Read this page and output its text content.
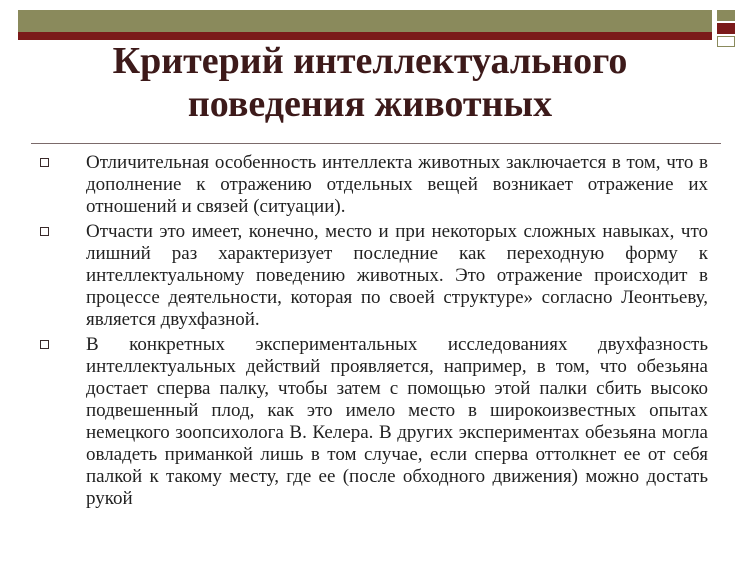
Критерий интеллектуального
поведения животных
Отличительная особенность интеллекта животных заключается в том, что в дополнение к отражению отдельных вещей возникает отражение их отношений и связей (ситуации).
Отчасти это имеет, конечно, место и при некоторых сложных навыках, что лишний раз характеризует последние как переходную форму к интеллектуальному поведению животных. Это отражение происходит в процессе деятельности, которая по своей структуре» согласно Леонтьеву, является двухфазной.
В конкретных экспериментальных исследованиях двухфазность интеллектуальных действий проявляется, например, в том, что обезьяна достает сперва палку, чтобы затем с помощью этой палки сбить высоко подвешенный плод, как это имело место в широкоизвестных опытах немецкого зоопсихолога В. Келера. В других экспериментах обезьяна могла овладеть приманкой лишь в том случае, если сперва оттолкнет ее от себя палкой к такому месту, где ее (после обходного движения) можно достать рукой
